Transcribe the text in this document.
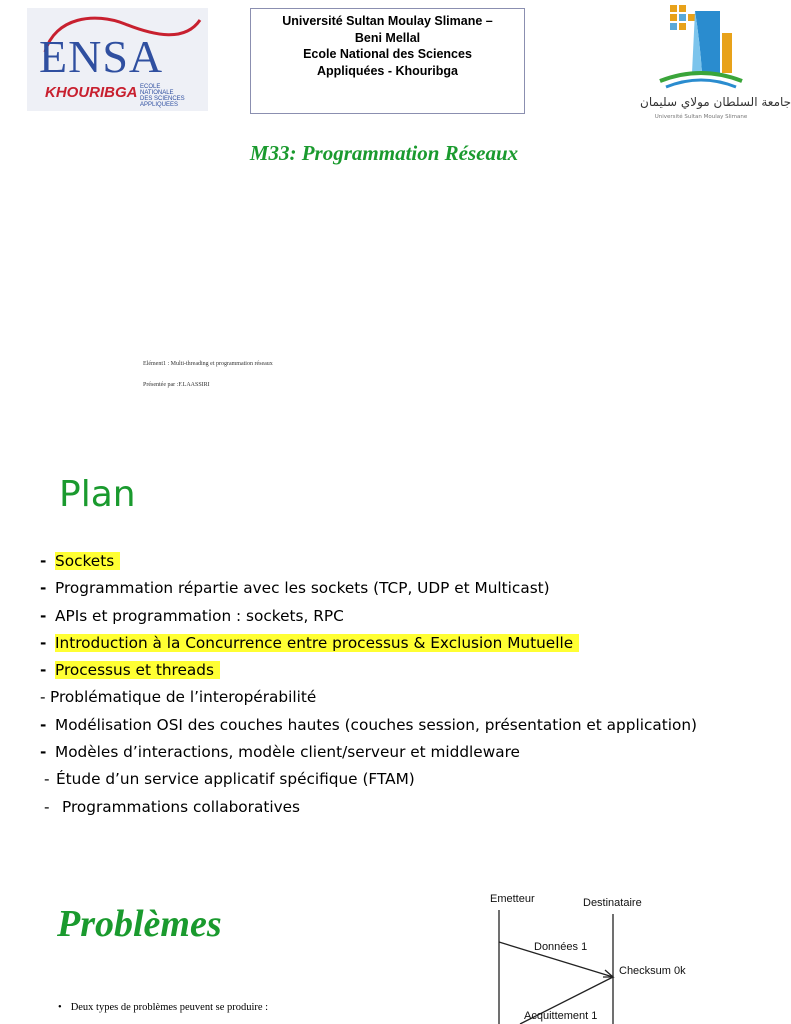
ENSA
KHOURIBGA ECOLE
NATIONALE
DES SCIENCES
APPLIQUEES
Université Sultan Moulay Slimane –
Beni Mellal
Ecole National des Sciences
Appliquées - Khouribga
جامعة السلطان مولاي سليمان
Université Sultan Moulay Slimane
M33: Programmation Réseaux
Elément1 : Multi-threading et programmation réseaux
Présentée par :F.LAASSIRI
Plan
- Sockets
- Programmation répartie avec les sockets (TCP, UDP et Multicast)
- APIs et programmation : sockets, RPC
- Introduction à la Concurrence entre processus & Exclusion Mutuelle
- Processus et threads
- Problématique de l’interopérabilité
- Modélisation OSI des couches hautes (couches session, présentation et application)
- Modèles d’interactions, modèle client/serveur et middleware
- Étude d’un service applicatif spécifique (FTAM)
- Programmations collaboratives
Problèmes
• Deux types de problèmes peuvent se produire :
Emetteur	Destinataire
Données 1
Checksum 0k
Acquittement 1
